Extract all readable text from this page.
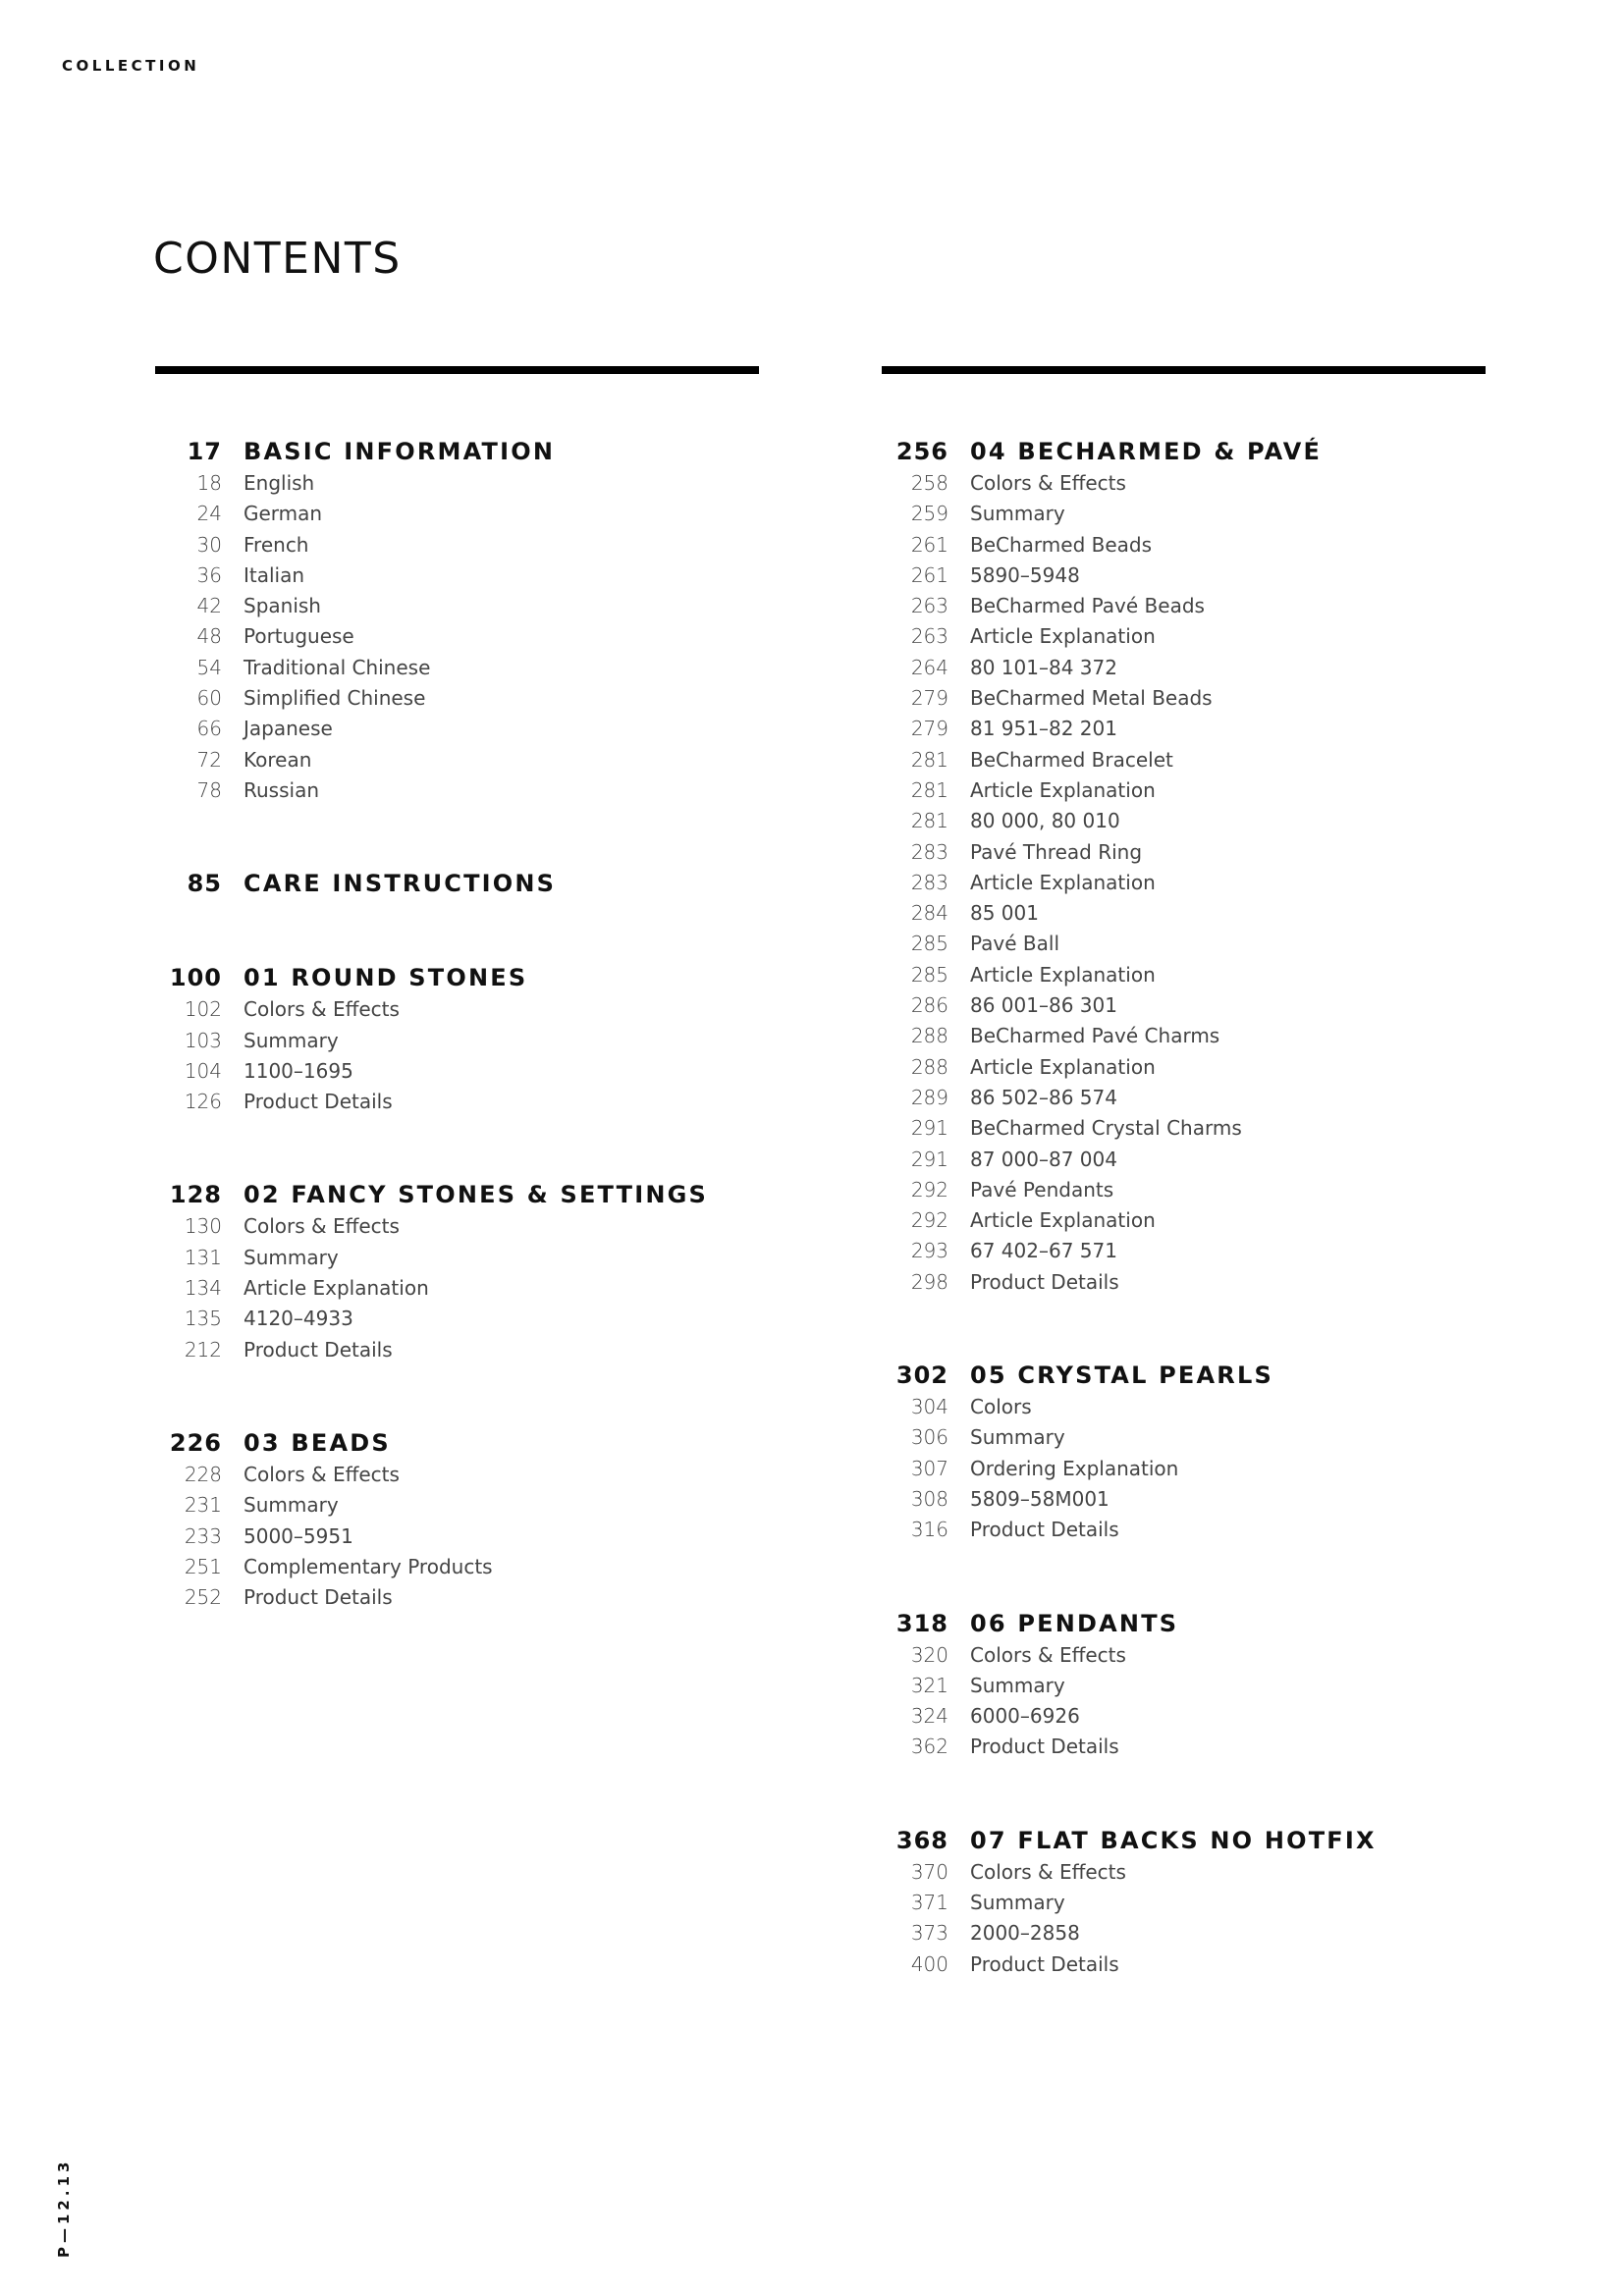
COLLECTION
CONTENTS
17 BASIC INFORMATION
18 English
24 German
30 French
36 Italian
42 Spanish
48 Portuguese
54 Traditional Chinese
60 Simplified Chinese
66 Japanese
72 Korean
78 Russian
85 CARE INSTRUCTIONS
100 01 ROUND STONES
102 Colors & Effects
103 Summary
104 1100–1695
126 Product Details
128 02 FANCY STONES & SETTINGS
130 Colors & Effects
131 Summary
134 Article Explanation
135 4120–4933
212 Product Details
226 03 BEADS
228 Colors & Effects
231 Summary
233 5000–5951
251 Complementary Products
252 Product Details
256 04 BECHARMED & PAVÉ
258 Colors & Effects
259 Summary
261 BeCharmed Beads
261 5890–5948
263 BeCharmed Pavé Beads
263 Article Explanation
264 80 101–84 372
279 BeCharmed Metal Beads
279 81 951–82 201
281 BeCharmed Bracelet
281 Article Explanation
281 80 000, 80 010
283 Pavé Thread Ring
283 Article Explanation
284 85 001
285 Pavé Ball
285 Article Explanation
286 86 001–86 301
288 BeCharmed Pavé Charms
288 Article Explanation
289 86 502–86 574
291 BeCharmed Crystal Charms
291 87 000–87 004
292 Pavé Pendants
292 Article Explanation
293 67 402–67 571
298 Product Details
302 05 CRYSTAL PEARLS
304 Colors
306 Summary
307 Ordering Explanation
308 5809–58M001
316 Product Details
318 06 PENDANTS
320 Colors & Effects
321 Summary
324 6000–6926
362 Product Details
368 07 FLAT BACKS NO HOTFIX
370 Colors & Effects
371 Summary
373 2000–2858
400 Product Details
P—12.13
